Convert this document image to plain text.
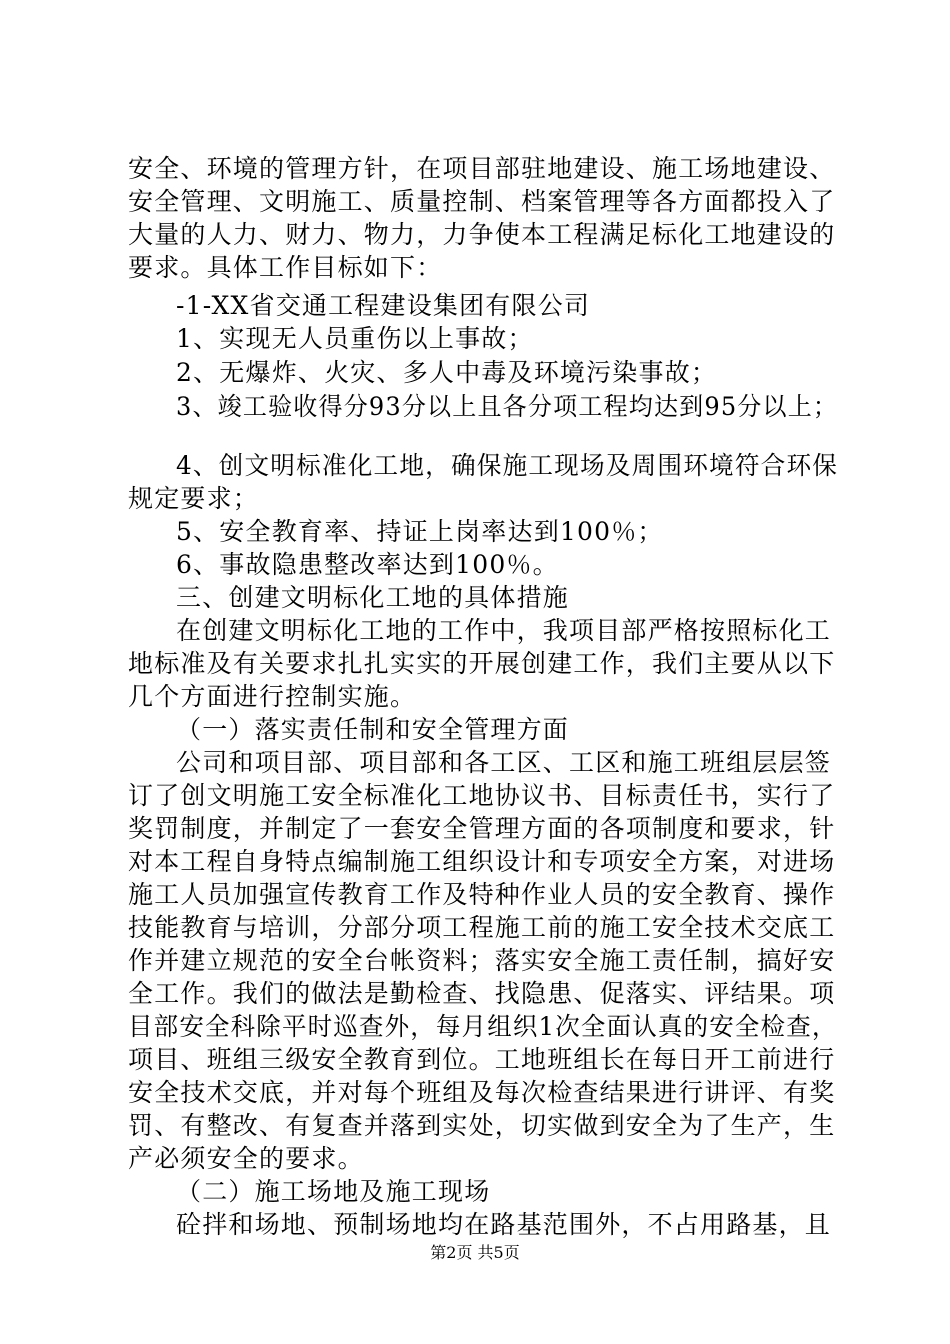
安全、环境的管理方针，在项目部驻地建设、施工场地建设、
安全管理、文明施工、质量控制、档案管理等各方面都投入了
大量的人力、财力、物力，力争使本工程满足标化工地建设的
要求。具体工作目标如下：
-1-XX省交通工程建设集团有限公司
1、实现无人员重伤以上事故；
2、无爆炸、火灾、多人中毒及环境污染事故；
3、竣工验收得分93分以上且各分项工程均达到95分以上；
4、创文明标准化工地，确保施工现场及周围环境符合环保
规定要求；
5、安全教育率、持证上岗率达到100％；
6、事故隐患整改率达到100％。
三、创建文明标化工地的具体措施
在创建文明标化工地的工作中，我项目部严格按照标化工
地标准及有关要求扎扎实实的开展创建工作，我们主要从以下
几个方面进行控制实施。
（一）落实责任制和安全管理方面
公司和项目部、项目部和各工区、工区和施工班组层层签
订了创文明施工安全标准化工地协议书、目标责任书，实行了
奖罚制度，并制定了一套安全管理方面的各项制度和要求，针
对本工程自身特点编制施工组织设计和专项安全方案，对进场
施工人员加强宣传教育工作及特种作业人员的安全教育、操作
技能教育与培训，分部分项工程施工前的施工安全技术交底工
作并建立规范的安全台帐资料；落实安全施工责任制，搞好安
全工作。我们的做法是勤检查、找隐患、促落实、评结果。项
目部安全科除平时巡查外，每月组织1次全面认真的安全检查，
项目、班组三级安全教育到位。工地班组长在每日开工前进行
安全技术交底，并对每个班组及每次检查结果进行讲评、有奖
罚、有整改、有复查并落到实处，切实做到安全为了生产，生
产必须安全的要求。
（二）施工场地及施工现场
砼拌和场地、预制场地均在路基范围外，不占用路基，且
第2页 共5页
